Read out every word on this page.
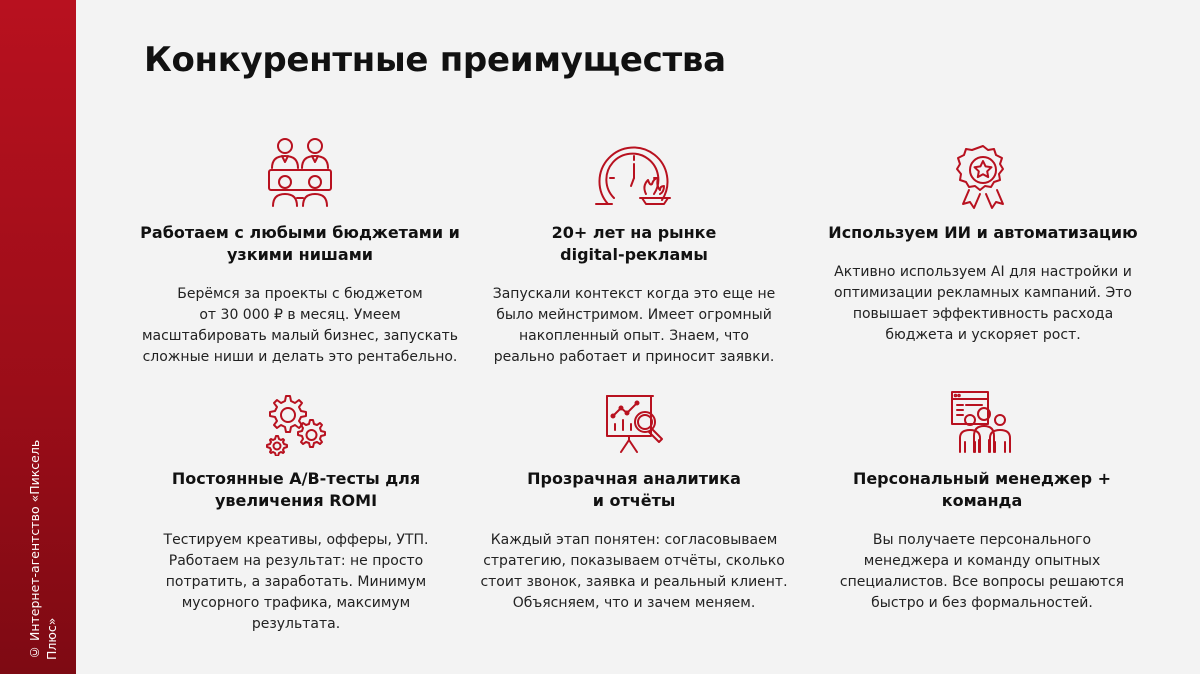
© Интернет-агентство «Пиксель Плюс»
Конкурентные преимущества
Работаем с любыми бюджетами и
узкими нишами

Берёмся за проекты с бюджетом
от 30 000 ₽ в месяц. Умеем
масштабировать малый бизнес, запускать
сложные ниши и делать это рентабельно.

20+ лет на рынке
digital-рекламы

Запускали контекст когда это еще не
было мейнстримом. Имеет огромный
накопленный опыт. Знаем, что
реально работает и приносит заявки.

Используем ИИ и автоматизацию

Активно используем AI для настройки и
оптимизации рекламных кампаний. Это
повышает эффективность расхода
бюджета и ускоряет рост.

Постоянные A/B-тесты для
увеличения ROMI

Тестируем креативы, офферы, УТП.
Работаем на результат: не просто
потратить, а заработать. Минимум
мусорного трафика, максимум
результата.

Прозрачная аналитика
и отчёты

Каждый этап понятен: согласовываем
стратегию, показываем отчёты, сколько
стоит звонок, заявка и реальный клиент.
Объясняем, что и зачем меняем.

Персональный менеджер +
команда

Вы получаете персонального
менеджера и команду опытных
специалистов. Все вопросы решаются
быстро и без формальностей.
